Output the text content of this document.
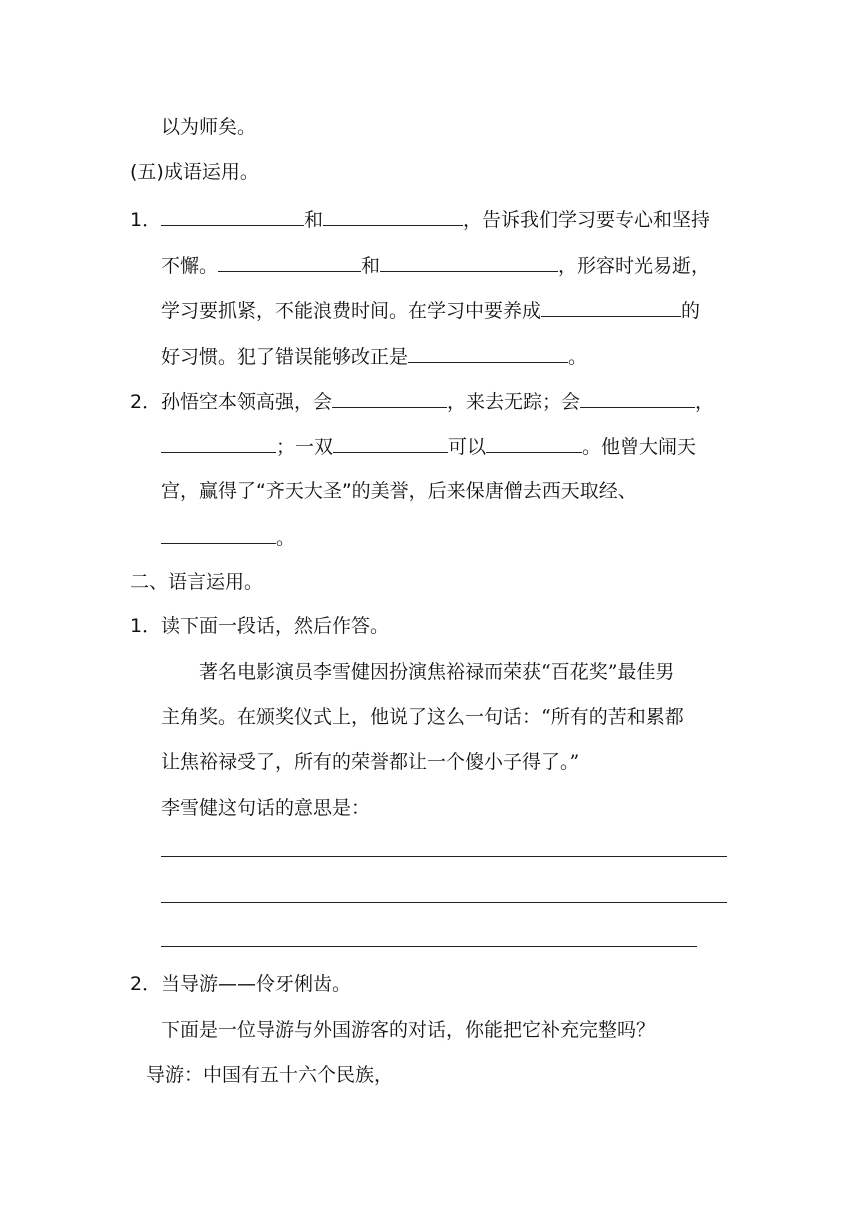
以为师矣。
(五)成语运用。
1．	和	，告诉我们学习要专心和坚持
不懈。	和	，形容时光易逝，
学习要抓紧，不能浪费时间。在学习中要养成	的
好习惯。犯了错误能够改正是	。
2．孙悟空本领高强，会	，来去无踪；会	，
；一双	可以	。他曾大闹天
宫，赢得了“齐天大圣”的美誉，后来保唐僧去西天取经、
。
二、语言运用。
1．读下面一段话，然后作答。
著名电影演员李雪健因扮演焦裕禄而荣获“百花奖”最佳男
主角奖。在颁奖仪式上，他说了这么一句话：“所有的苦和累都
让焦裕禄受了，所有的荣誉都让一个傻小子得了。”
李雪健这句话的意思是：
2．当导游——伶牙俐齿。
下面是一位导游与外国游客的对话，你能把它补充完整吗？
导游：中国有五十六个民族，
